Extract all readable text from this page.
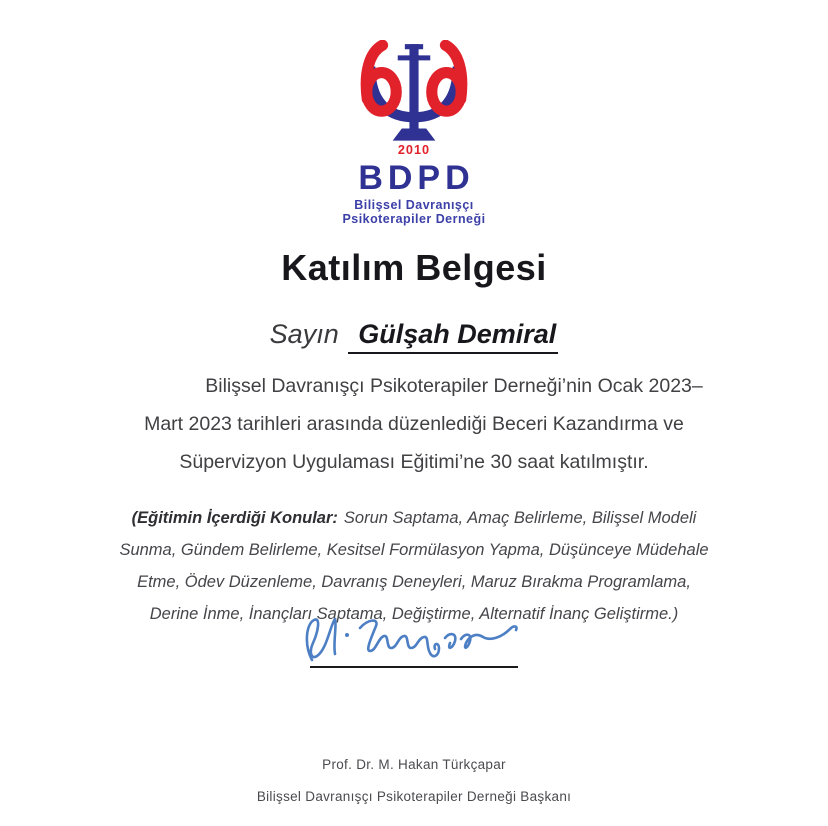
2010
BDPD
Bilişsel Davranışçı
Psikoterapiler Derneği
Katılım Belgesi
Sayın Gülşah Demiral
Bilişsel Davranışçı Psikoterapiler Derneği’nin Ocak 2023–
Mart 2023 tarihleri arasında düzenlediği Beceri Kazandırma ve
Süpervizyon Uygulaması Eğitimi’ne 30 saat katılmıştır.
(Eğitimin İçerdiği Konular: Sorun Saptama, Amaç Belirleme, Bilişsel Modeli
Sunma, Gündem Belirleme, Kesitsel Formülasyon Yapma, Düşünceye Müdehale
Etme, Ödev Düzenleme, Davranış Deneyleri, Maruz Bırakma Programlama,
Derine İnme, İnançları Saptama, Değiştirme, Alternatif İnanç Geliştirme.)
Prof. Dr. M. Hakan Türkçapar
Bilişsel Davranışçı Psikoterapiler Derneği Başkanı
